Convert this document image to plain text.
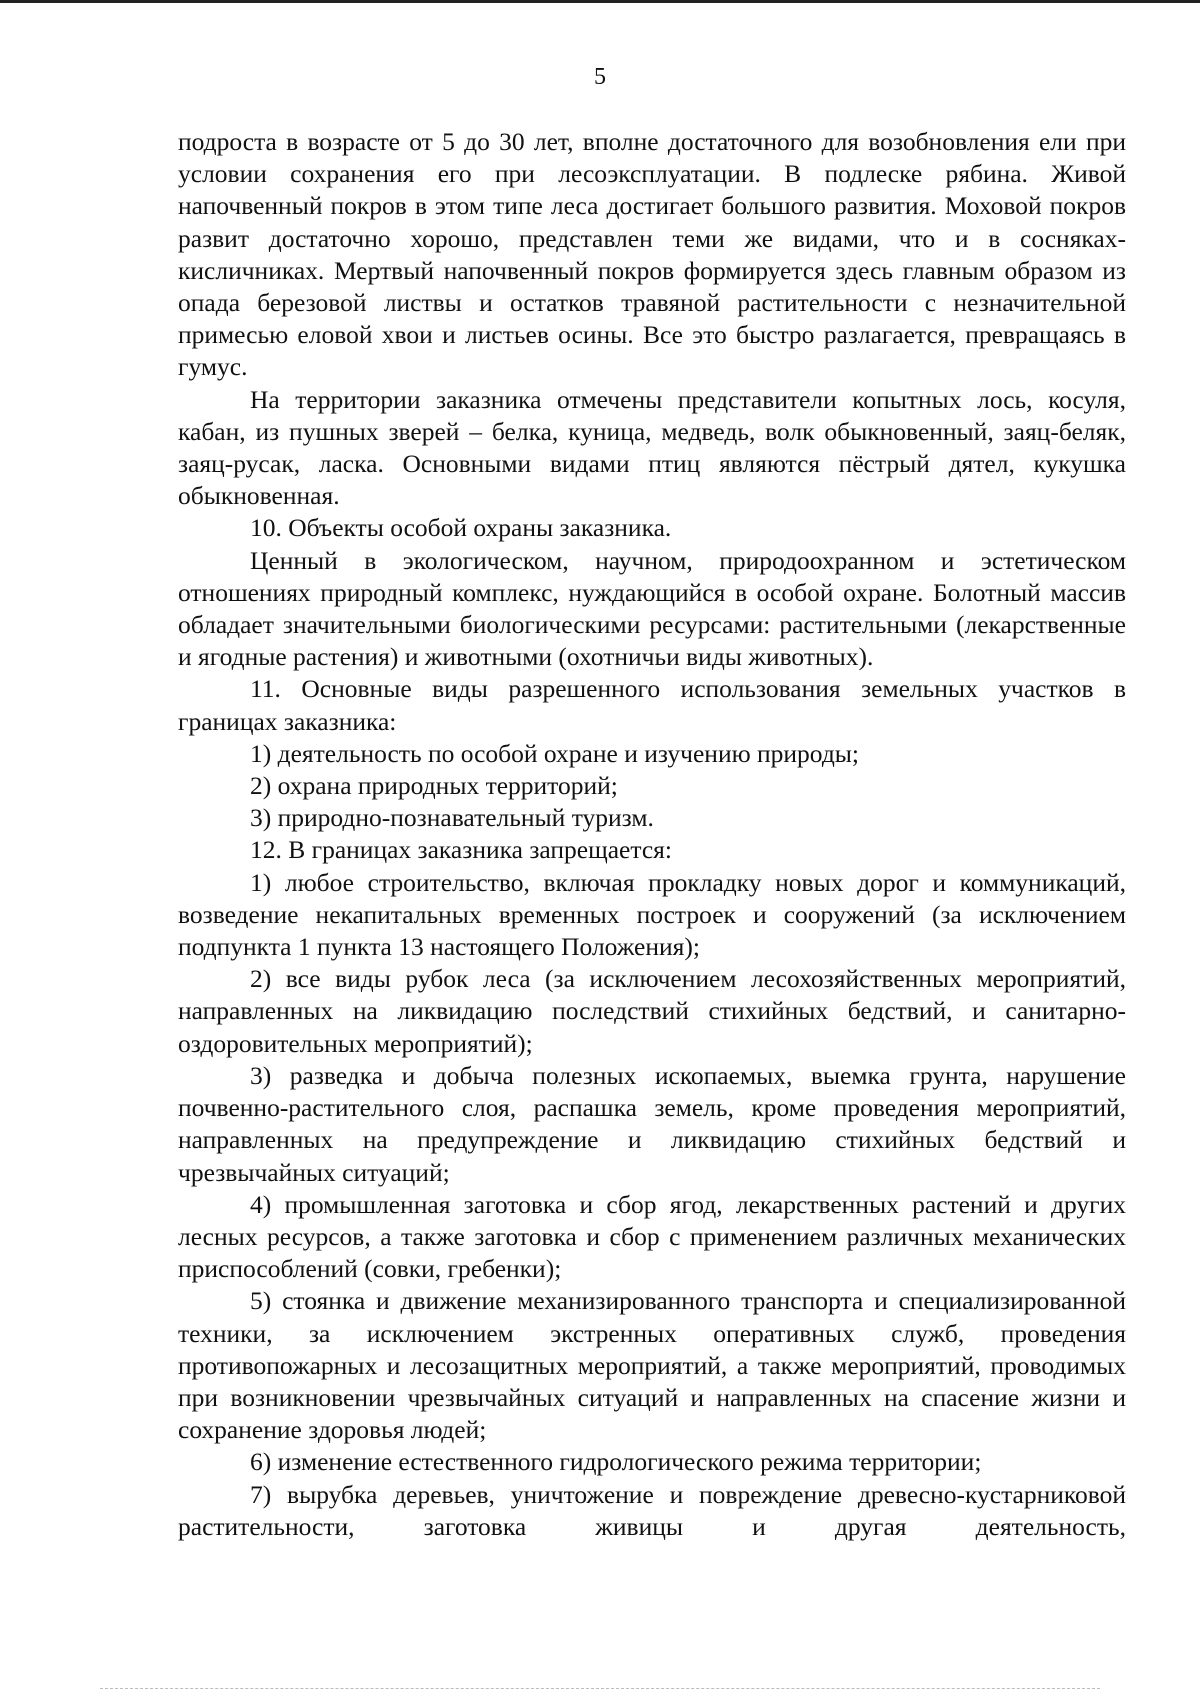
5

подроста в возрасте от 5 до 30 лет, вполне достаточного для возобновления ели при условии сохранения его при лесоэксплуатации. В подлеске рябина. Живой напочвенный покров в этом типе леса достигает большого развития. Моховой покров развит достаточно хорошо, представлен теми же видами, что и в сосняках-кисличниках. Мертвый напочвенный покров формируется здесь главным образом из опада березовой листвы и остатков травяной растительности с незначительной примесью еловой хвои и листьев осины. Все это быстро разлагается, превращаясь в гумус.

На территории заказника отмечены представители копытных лось, косуля, кабан, из пушных зверей – белка, куница, медведь, волк обыкновенный, заяц-беляк, заяц-русак, ласка. Основными видами птиц являются пёстрый дятел, кукушка обыкновенная.

10. Объекты особой охраны заказника.

Ценный в экологическом, научном, природоохранном и эстетическом отношениях природный комплекс, нуждающийся в особой охране. Болотный массив обладает значительными биологическими ресурсами: растительными (лекарственные и ягодные растения) и животными (охотничьи виды животных).

11. Основные виды разрешенного использования земельных участков в границах заказника:

1) деятельность по особой охране и изучению природы;

2) охрана природных территорий;

3) природно-познавательный туризм.

12. В границах заказника запрещается:

1) любое строительство, включая прокладку новых дорог и коммуникаций, возведение некапитальных временных построек и сооружений (за исключением подпункта 1 пункта 13 настоящего Положения);

2) все виды рубок леса (за исключением лесохозяйственных мероприятий, направленных на ликвидацию последствий стихийных бедствий, и санитарно-оздоровительных мероприятий);

3) разведка и добыча полезных ископаемых, выемка грунта, нарушение почвенно-растительного слоя, распашка земель, кроме проведения мероприятий, направленных на предупреждение и ликвидацию стихийных бедствий и чрезвычайных ситуаций;

4) промышленная заготовка и сбор ягод, лекарственных растений и других лесных ресурсов, а также заготовка и сбор с применением различных механических приспособлений (совки, гребенки);

5) стоянка и движение механизированного транспорта и специализированной техники, за исключением экстренных оперативных служб, проведения противопожарных и лесозащитных мероприятий, а также мероприятий, проводимых при возникновении чрезвычайных ситуаций и направленных на спасение жизни и сохранение здоровья людей;

6) изменение естественного гидрологического режима территории;

7) вырубка деревьев, уничтожение и повреждение древесно-кустарниковой растительности, заготовка живицы и другая деятельность,
